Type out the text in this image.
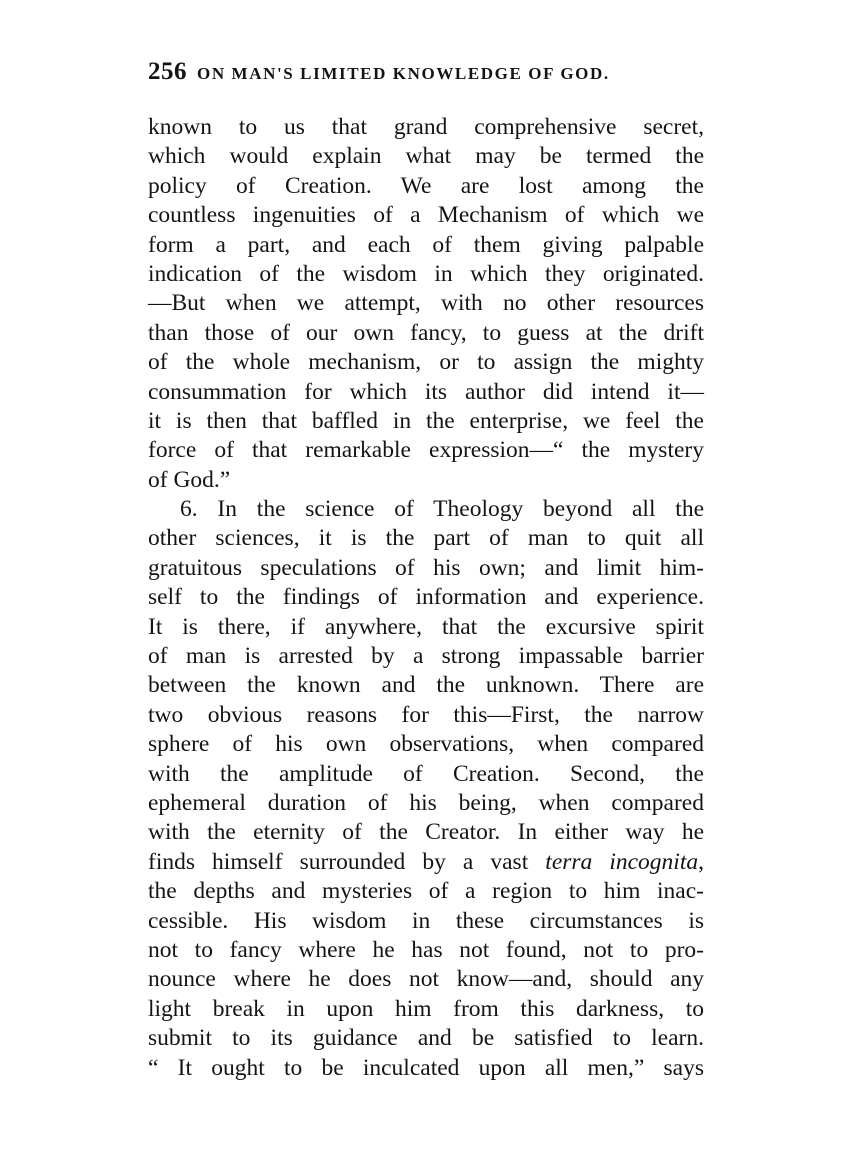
256 ON MAN'S LIMITED KNOWLEDGE OF GOD.
known to us that grand comprehensive secret,
which would explain what may be termed the
policy of Creation. We are lost among the
countless ingenuities of a Mechanism of which we
form a part, and each of them giving palpable
indication of the wisdom in which they originated.
—But when we attempt, with no other resources
than those of our own fancy, to guess at the drift
of the whole mechanism, or to assign the mighty
consummation for which its author did intend it—
it is then that baffled in the enterprise, we feel the
force of that remarkable expression—“ the mystery
of God.”
6. In the science of Theology beyond all the
other sciences, it is the part of man to quit all
gratuitous speculations of his own; and limit him-
self to the findings of information and experience.
It is there, if anywhere, that the excursive spirit
of man is arrested by a strong impassable barrier
between the known and the unknown. There are
two obvious reasons for this—First, the narrow
sphere of his own observations, when compared
with the amplitude of Creation. Second, the
ephemeral duration of his being, when compared
with the eternity of the Creator. In either way he
finds himself surrounded by a vast terra incognita,
the depths and mysteries of a region to him inac-
cessible. His wisdom in these circumstances is
not to fancy where he has not found, not to pro-
nounce where he does not know—and, should any
light break in upon him from this darkness, to
submit to its guidance and be satisfied to learn.
“ It ought to be inculcated upon all men,” says
